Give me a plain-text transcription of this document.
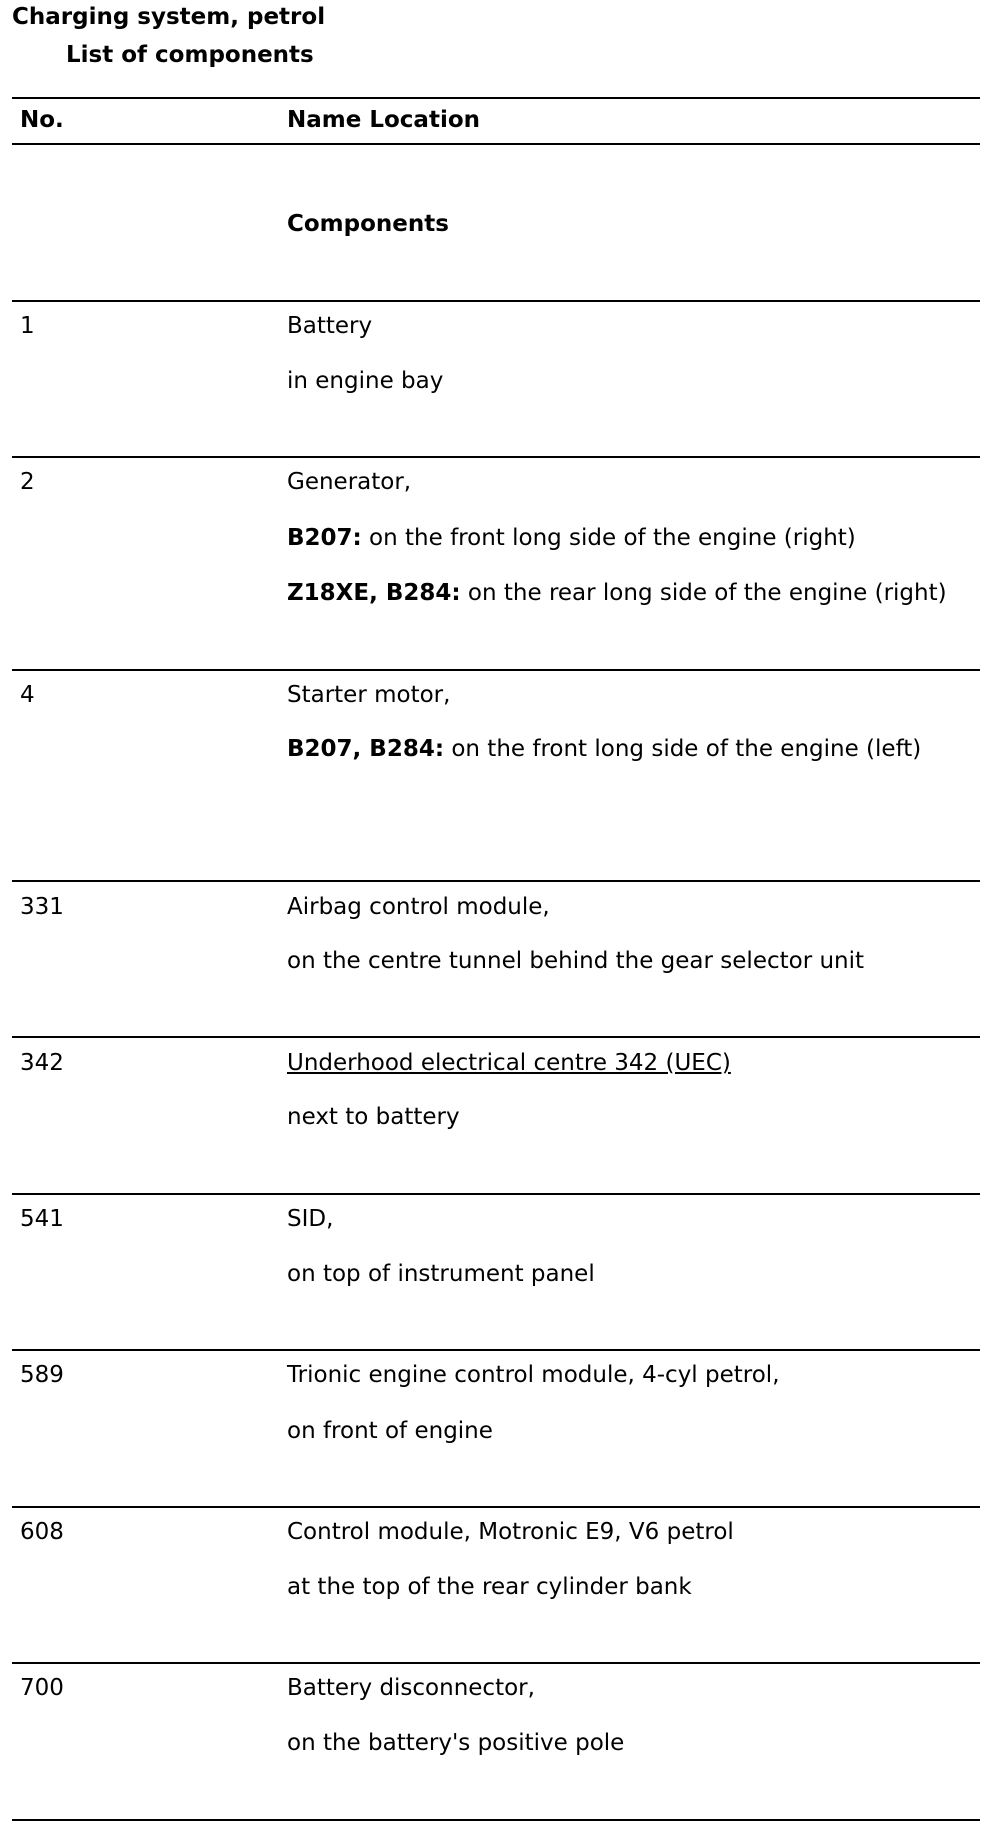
Charging system, petrol
List of components
No.	Name Location
Components
1	Battery
in engine bay
2	Generator,
B207: on the front long side of the engine (right)
Z18XE, B284: on the rear long side of the engine (right)
4	Starter motor,
B207, B284: on the front long side of the engine (left)
331	Airbag control module,
on the centre tunnel behind the gear selector unit
342	Underhood electrical centre 342 (UEC)
next to battery
541	SID,
on top of instrument panel
589	Trionic engine control module, 4-cyl petrol,
on front of engine
608	Control module, Motronic E9, V6 petrol
at the top of the rear cylinder bank
700	Battery disconnector,
on the battery's positive pole
